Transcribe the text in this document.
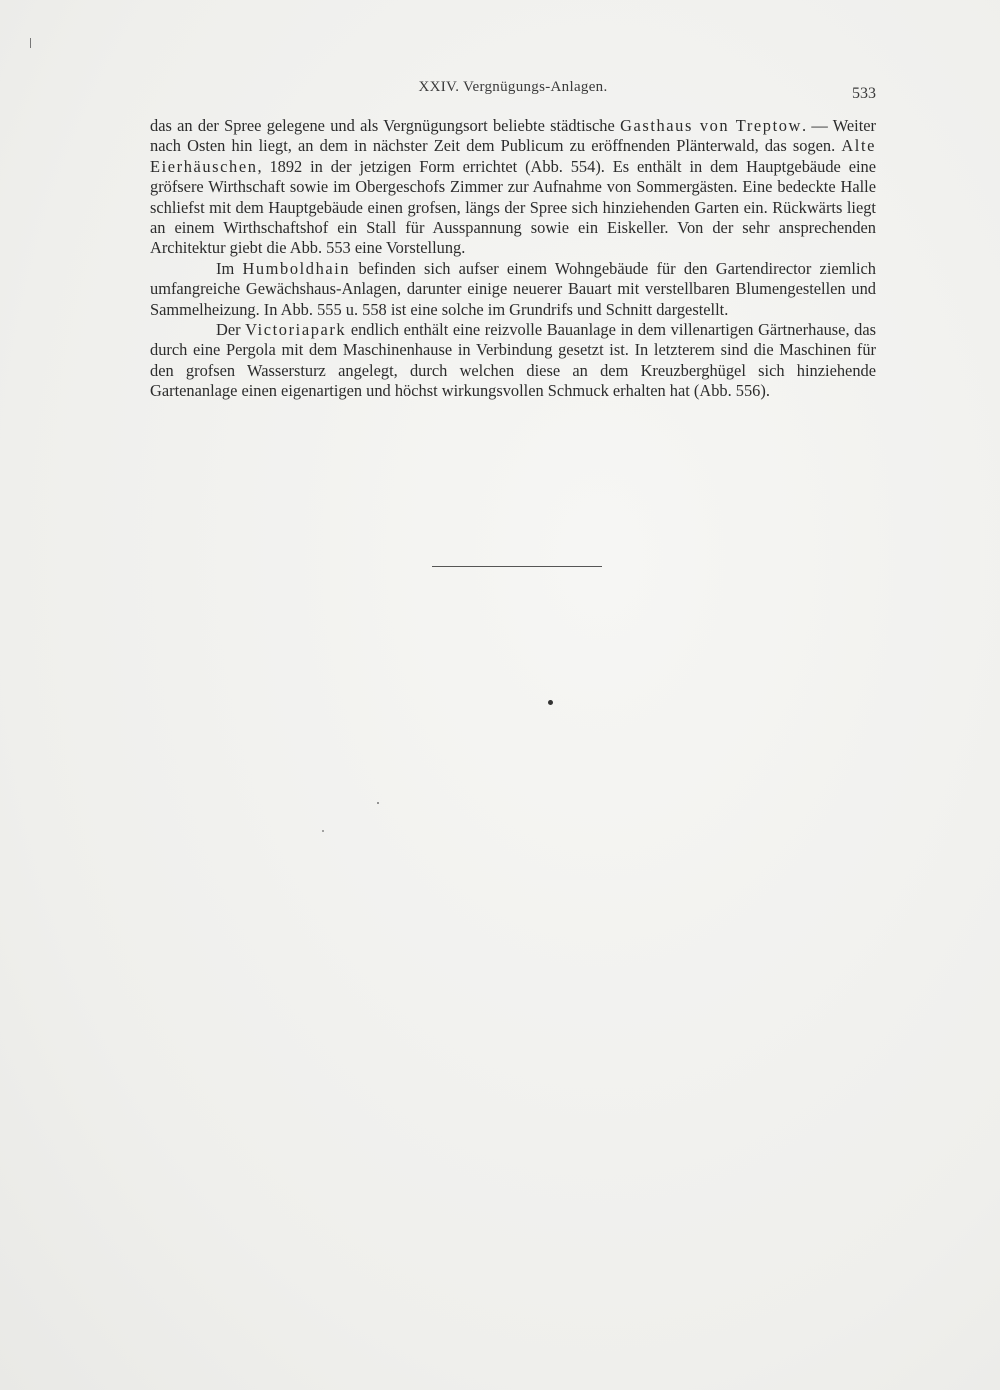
XXIV. Vergnügungs-Anlagen.	533

das an der Spree gelegene und als Vergnügungsort beliebte städtische Gasthaus von Treptow. — Weiter nach Osten hin liegt, an dem in nächster Zeit dem Publicum zu eröffnenden Plänterwald, das sogen. Alte Eierhäuschen, 1892 in der jetzigen Form errichtet (Abb. 554). Es enthält in dem Hauptgebäude eine gröfsere Wirthschaft sowie im Obergeschofs Zimmer zur Aufnahme von Sommergästen. Eine bedeckte Halle schliefst mit dem Hauptgebäude einen grofsen, längs der Spree sich hinziehenden Garten ein. Rückwärts liegt an einem Wirthschaftshof ein Stall für Ausspannung sowie ein Eiskeller. Von der sehr ansprechenden Architektur giebt die Abb. 553 eine Vorstellung.

Im Humboldhain befinden sich aufser einem Wohngebäude für den Gartendirector ziemlich umfangreiche Gewächshaus-Anlagen, darunter einige neuerer Bauart mit verstellbaren Blumengestellen und Sammelheizung. In Abb. 555 u. 558 ist eine solche im Grundrifs und Schnitt dargestellt.

Der Victoriapark endlich enthält eine reizvolle Bauanlage in dem villenartigen Gärtnerhause, das durch eine Pergola mit dem Maschinenhause in Verbindung gesetzt ist. In letzterem sind die Maschinen für den grofsen Wassersturz angelegt, durch welchen diese an dem Kreuzberghügel sich hinziehende Gartenanlage einen eigenartigen und höchst wirkungsvollen Schmuck erhalten hat (Abb. 556).
